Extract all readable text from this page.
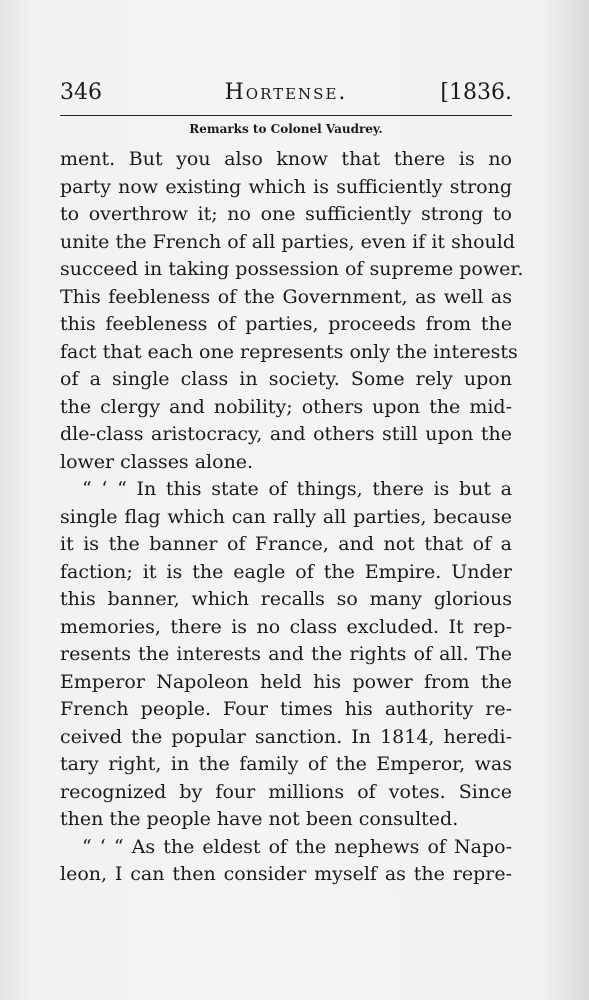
346	Hortense.	[1836.
Remarks to Colonel Vaudrey.
ment. But you also know that there is no
party now existing which is sufficiently strong
to overthrow it; no one sufficiently strong to
unite the French of all parties, even if it should
succeed in taking possession of supreme power.
This feebleness of the Government, as well as
this feebleness of parties, proceeds from the
fact that each one represents only the interests
of a single class in society. Some rely upon
the clergy and nobility; others upon the mid-
dle-class aristocracy, and others still upon the
lower classes alone.
“ ‘ “ In this state of things, there is but a
single flag which can rally all parties, because
it is the banner of France, and not that of a
faction; it is the eagle of the Empire. Under
this banner, which recalls so many glorious
memories, there is no class excluded. It rep-
resents the interests and the rights of all. The
Emperor Napoleon held his power from the
French people. Four times his authority re-
ceived the popular sanction. In 1814, heredi-
tary right, in the family of the Emperor, was
recognized by four millions of votes. Since
then the people have not been consulted.
“ ‘ “ As the eldest of the nephews of Napo-
leon, I can then consider myself as the repre-
